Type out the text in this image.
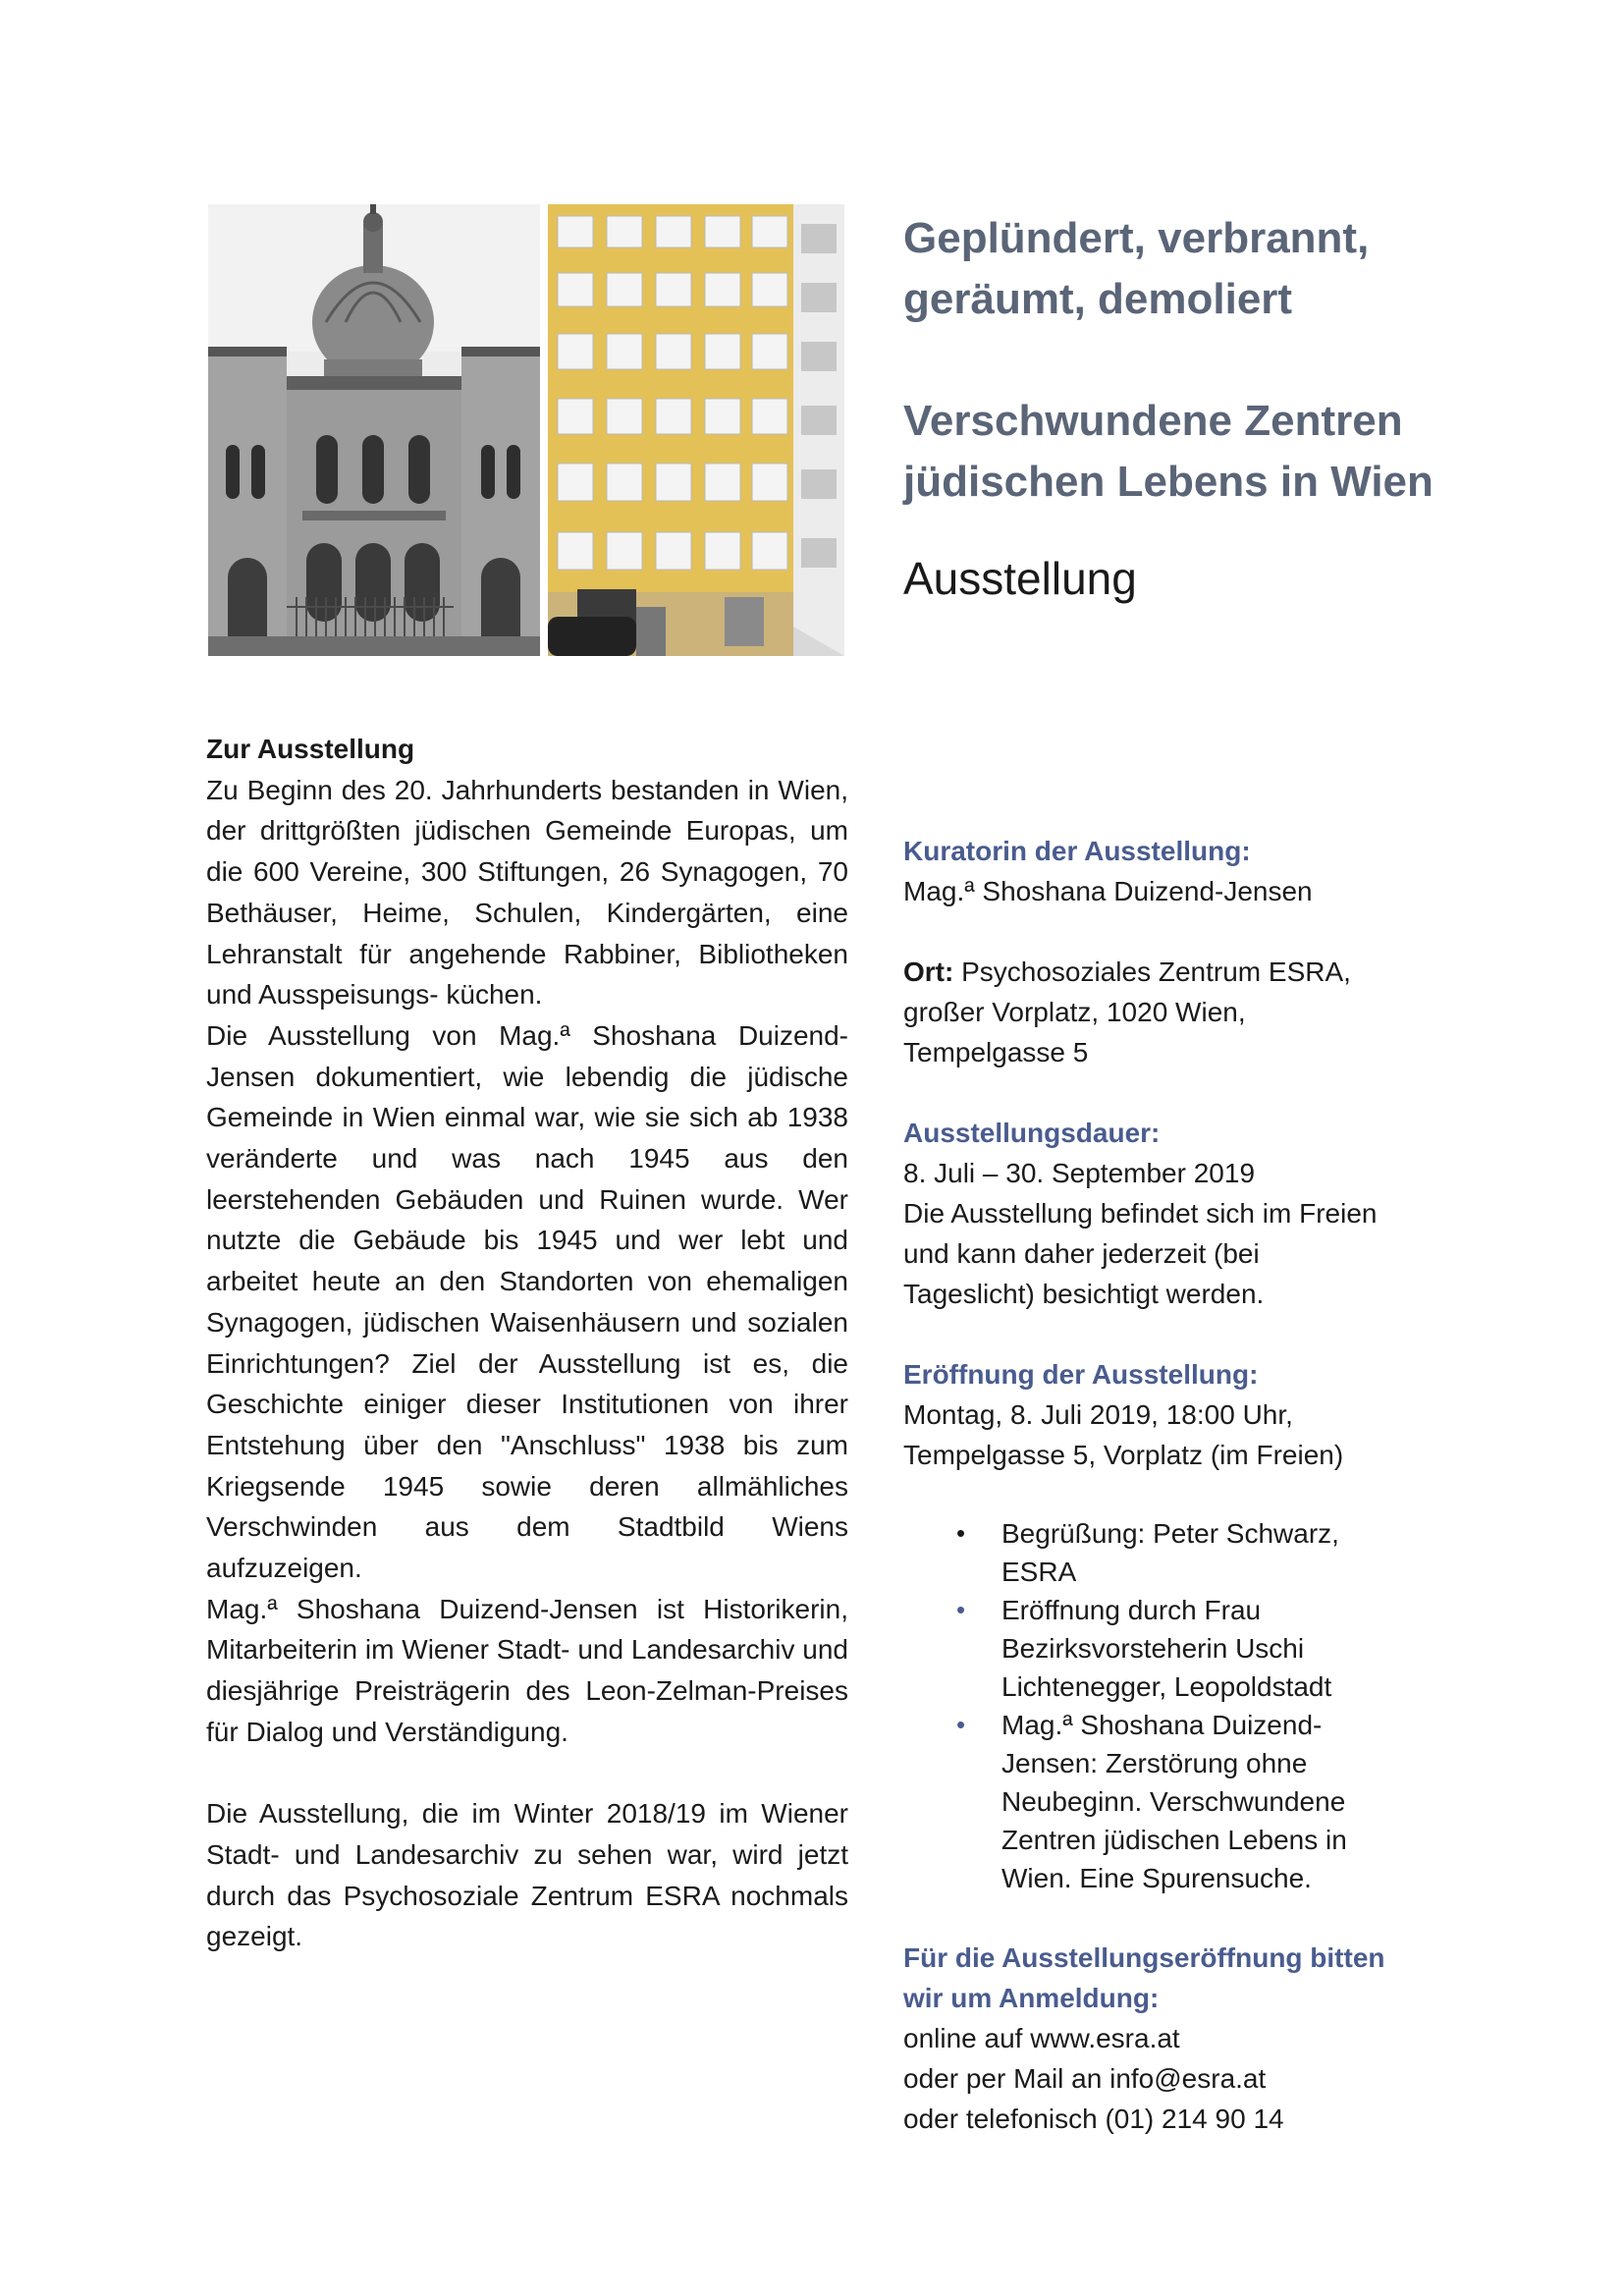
Geplündert, verbrannt,
geräumt, demoliert
Verschwundene Zentren
jüdischen Lebens in Wien
Ausstellung
Zur Ausstellung

Zu Beginn des 20. Jahrhunderts bestanden in Wien, der drittgrößten jüdischen Gemeinde Europas, um die 600 Vereine, 300 Stiftungen, 26 Synagogen, 70 Bethäuser, Heime, Schulen, Kindergärten, eine Lehranstalt für angehende Rabbiner, Bibliotheken und Ausspeisungs- küchen.

Die Ausstellung von Mag.ª Shoshana Duizend-Jensen dokumentiert, wie lebendig die jüdische Gemeinde in Wien einmal war, wie sie sich ab 1938 veränderte und was nach 1945 aus den leerstehenden Gebäuden und Ruinen wurde. Wer nutzte die Gebäude bis 1945 und wer lebt und arbeitet heute an den Standorten von ehemaligen Synagogen, jüdischen Waisenhäusern und sozialen Einrichtungen? Ziel der Ausstellung ist es, die Geschichte einiger dieser Institutionen von ihrer Entstehung über den "Anschluss" 1938 bis zum Kriegsende 1945 sowie deren allmähliches Verschwinden aus dem Stadtbild Wiens aufzuzeigen.

Mag.ª Shoshana Duizend-Jensen ist Historikerin, Mitarbeiterin im Wiener Stadt- und Landesarchiv und diesjährige Preisträgerin des Leon-Zelman-Preises für Dialog und Verständigung.

Die Ausstellung, die im Winter 2018/19 im Wiener Stadt- und Landesarchiv zu sehen war, wird jetzt durch das Psychosoziale Zentrum ESRA nochmals gezeigt.

Kuratorin der Ausstellung:
Mag.ª Shoshana Duizend-Jensen
Ort: Psychosoziales Zentrum ESRA,
großer Vorplatz, 1020 Wien,
Tempelgasse 5
Ausstellungsdauer:
8. Juli – 30. September 2019
Die Ausstellung befindet sich im Freien
und kann daher jederzeit (bei
Tageslicht) besichtigt werden.
Eröffnung der Ausstellung:
Montag, 8. Juli 2019, 18:00 Uhr,
Tempelgasse 5, Vorplatz (im Freien)
• Begrüßung: Peter Schwarz,
ESRA
• Eröffnung durch Frau
Bezirksvorsteherin Uschi
Lichtenegger, Leopoldstadt
• Mag.ª Shoshana Duizend-
Jensen: Zerstörung ohne
Neubeginn. Verschwundene
Zentren jüdischen Lebens in
Wien. Eine Spurensuche.
Für die Ausstellungseröffnung bitten
wir um Anmeldung:
online auf www.esra.at
oder per Mail an info@esra.at
oder telefonisch (01) 214 90 14
